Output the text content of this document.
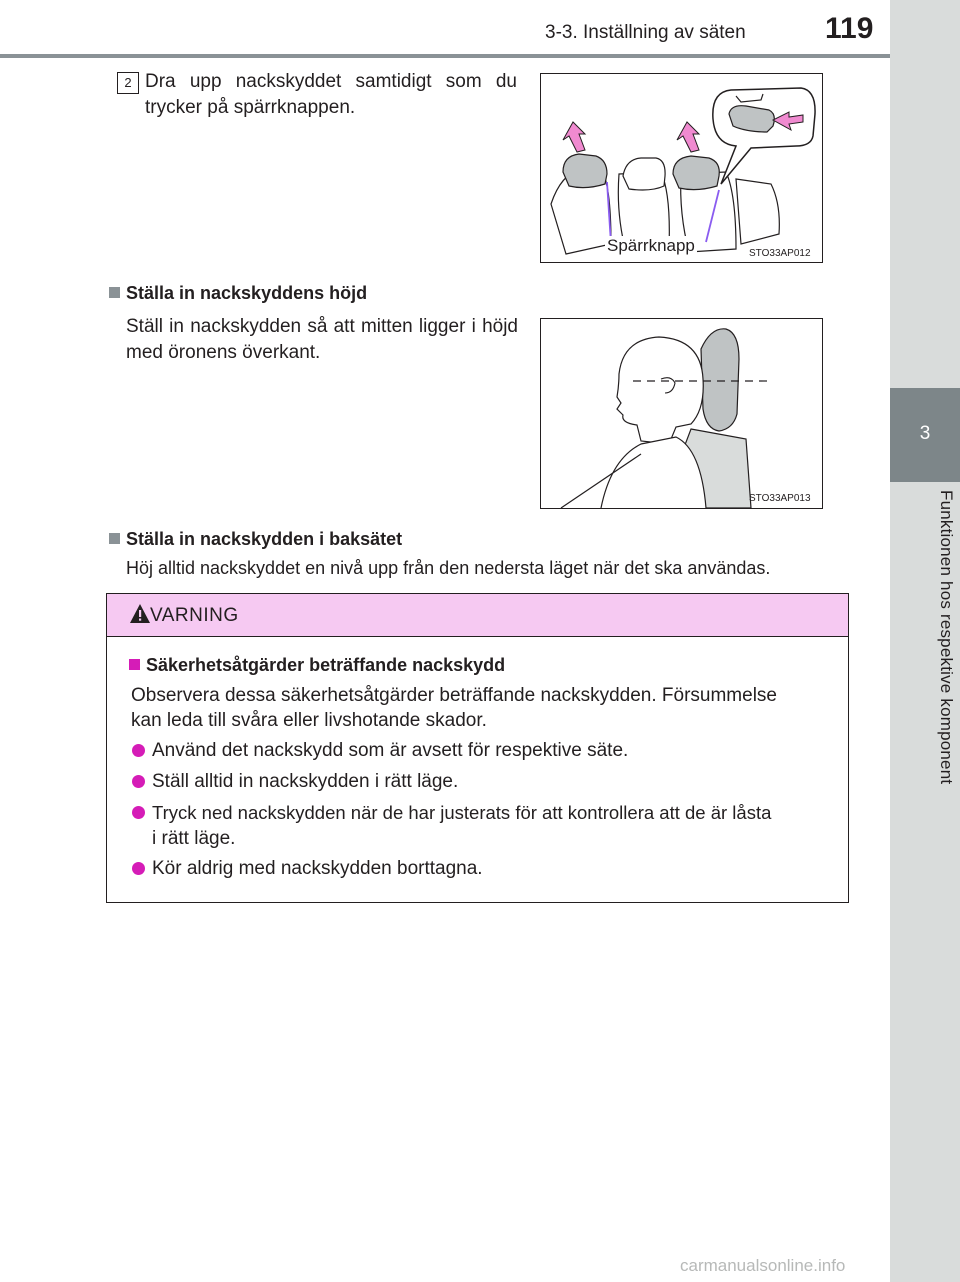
3-3. Inställning av säten	119
3
Funktionen hos respektive komponent
2 Dra upp nackskyddet samtidigt som du trycker på spärrknappen.
Spärrknapp	STO33AP012
Ställa in nackskyddens höjd
Ställ in nackskydden så att mitten ligger i höjd med öronens överkant.
STO33AP013
Ställa in nackskydden i baksätet
Höj alltid nackskyddet en nivå upp från den nedersta läget när det ska användas.
VARNING
Säkerhetsåtgärder beträffande nackskydd
Observera dessa säkerhetsåtgärder beträffande nackskydden. Försummelse
kan leda till svåra eller livshotande skador.
Använd det nackskydd som är avsett för respektive säte.
Ställ alltid in nackskydden i rätt läge.
Tryck ned nackskydden när de har justerats för att kontrollera att de är låsta
i rätt läge.
Kör aldrig med nackskydden borttagna.
carmanualsonline.info
